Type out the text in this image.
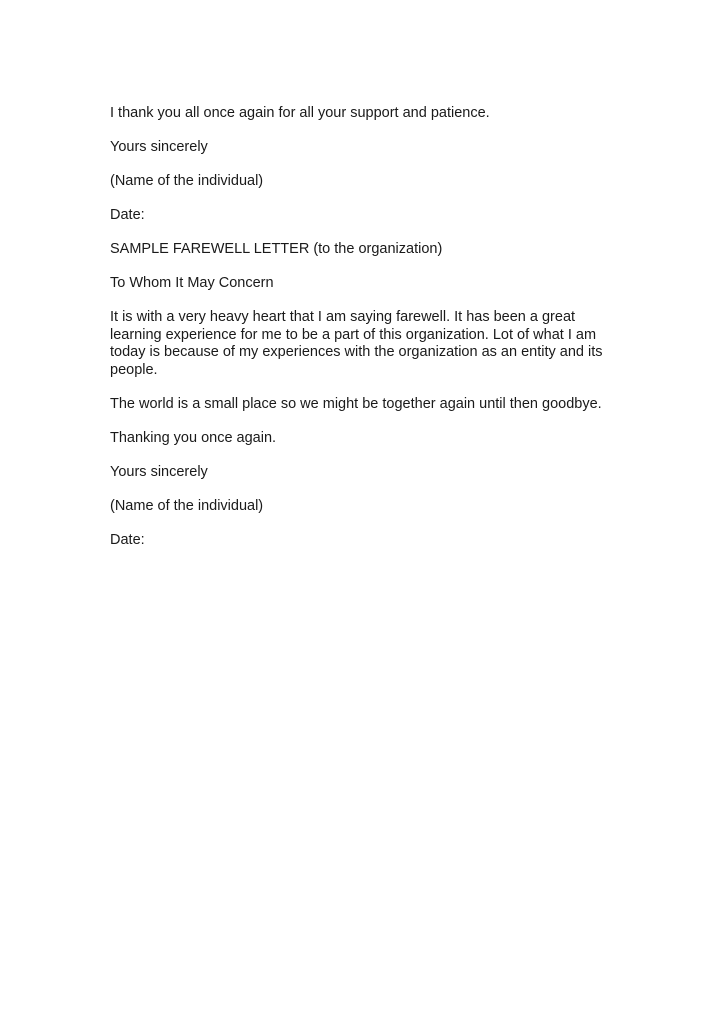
I thank you all once again for all your support and patience.

Yours sincerely

(Name of the individual)

Date:

SAMPLE FAREWELL LETTER (to the organization)

To Whom It May Concern

It is with a very heavy heart that I am saying farewell. It has been a great
learning experience for me to be a part of this organization. Lot of what I am
today is because of my experiences with the organization as an entity and its
people.

The world is a small place so we might be together again until then goodbye.

Thanking you once again.

Yours sincerely

(Name of the individual)

Date:
